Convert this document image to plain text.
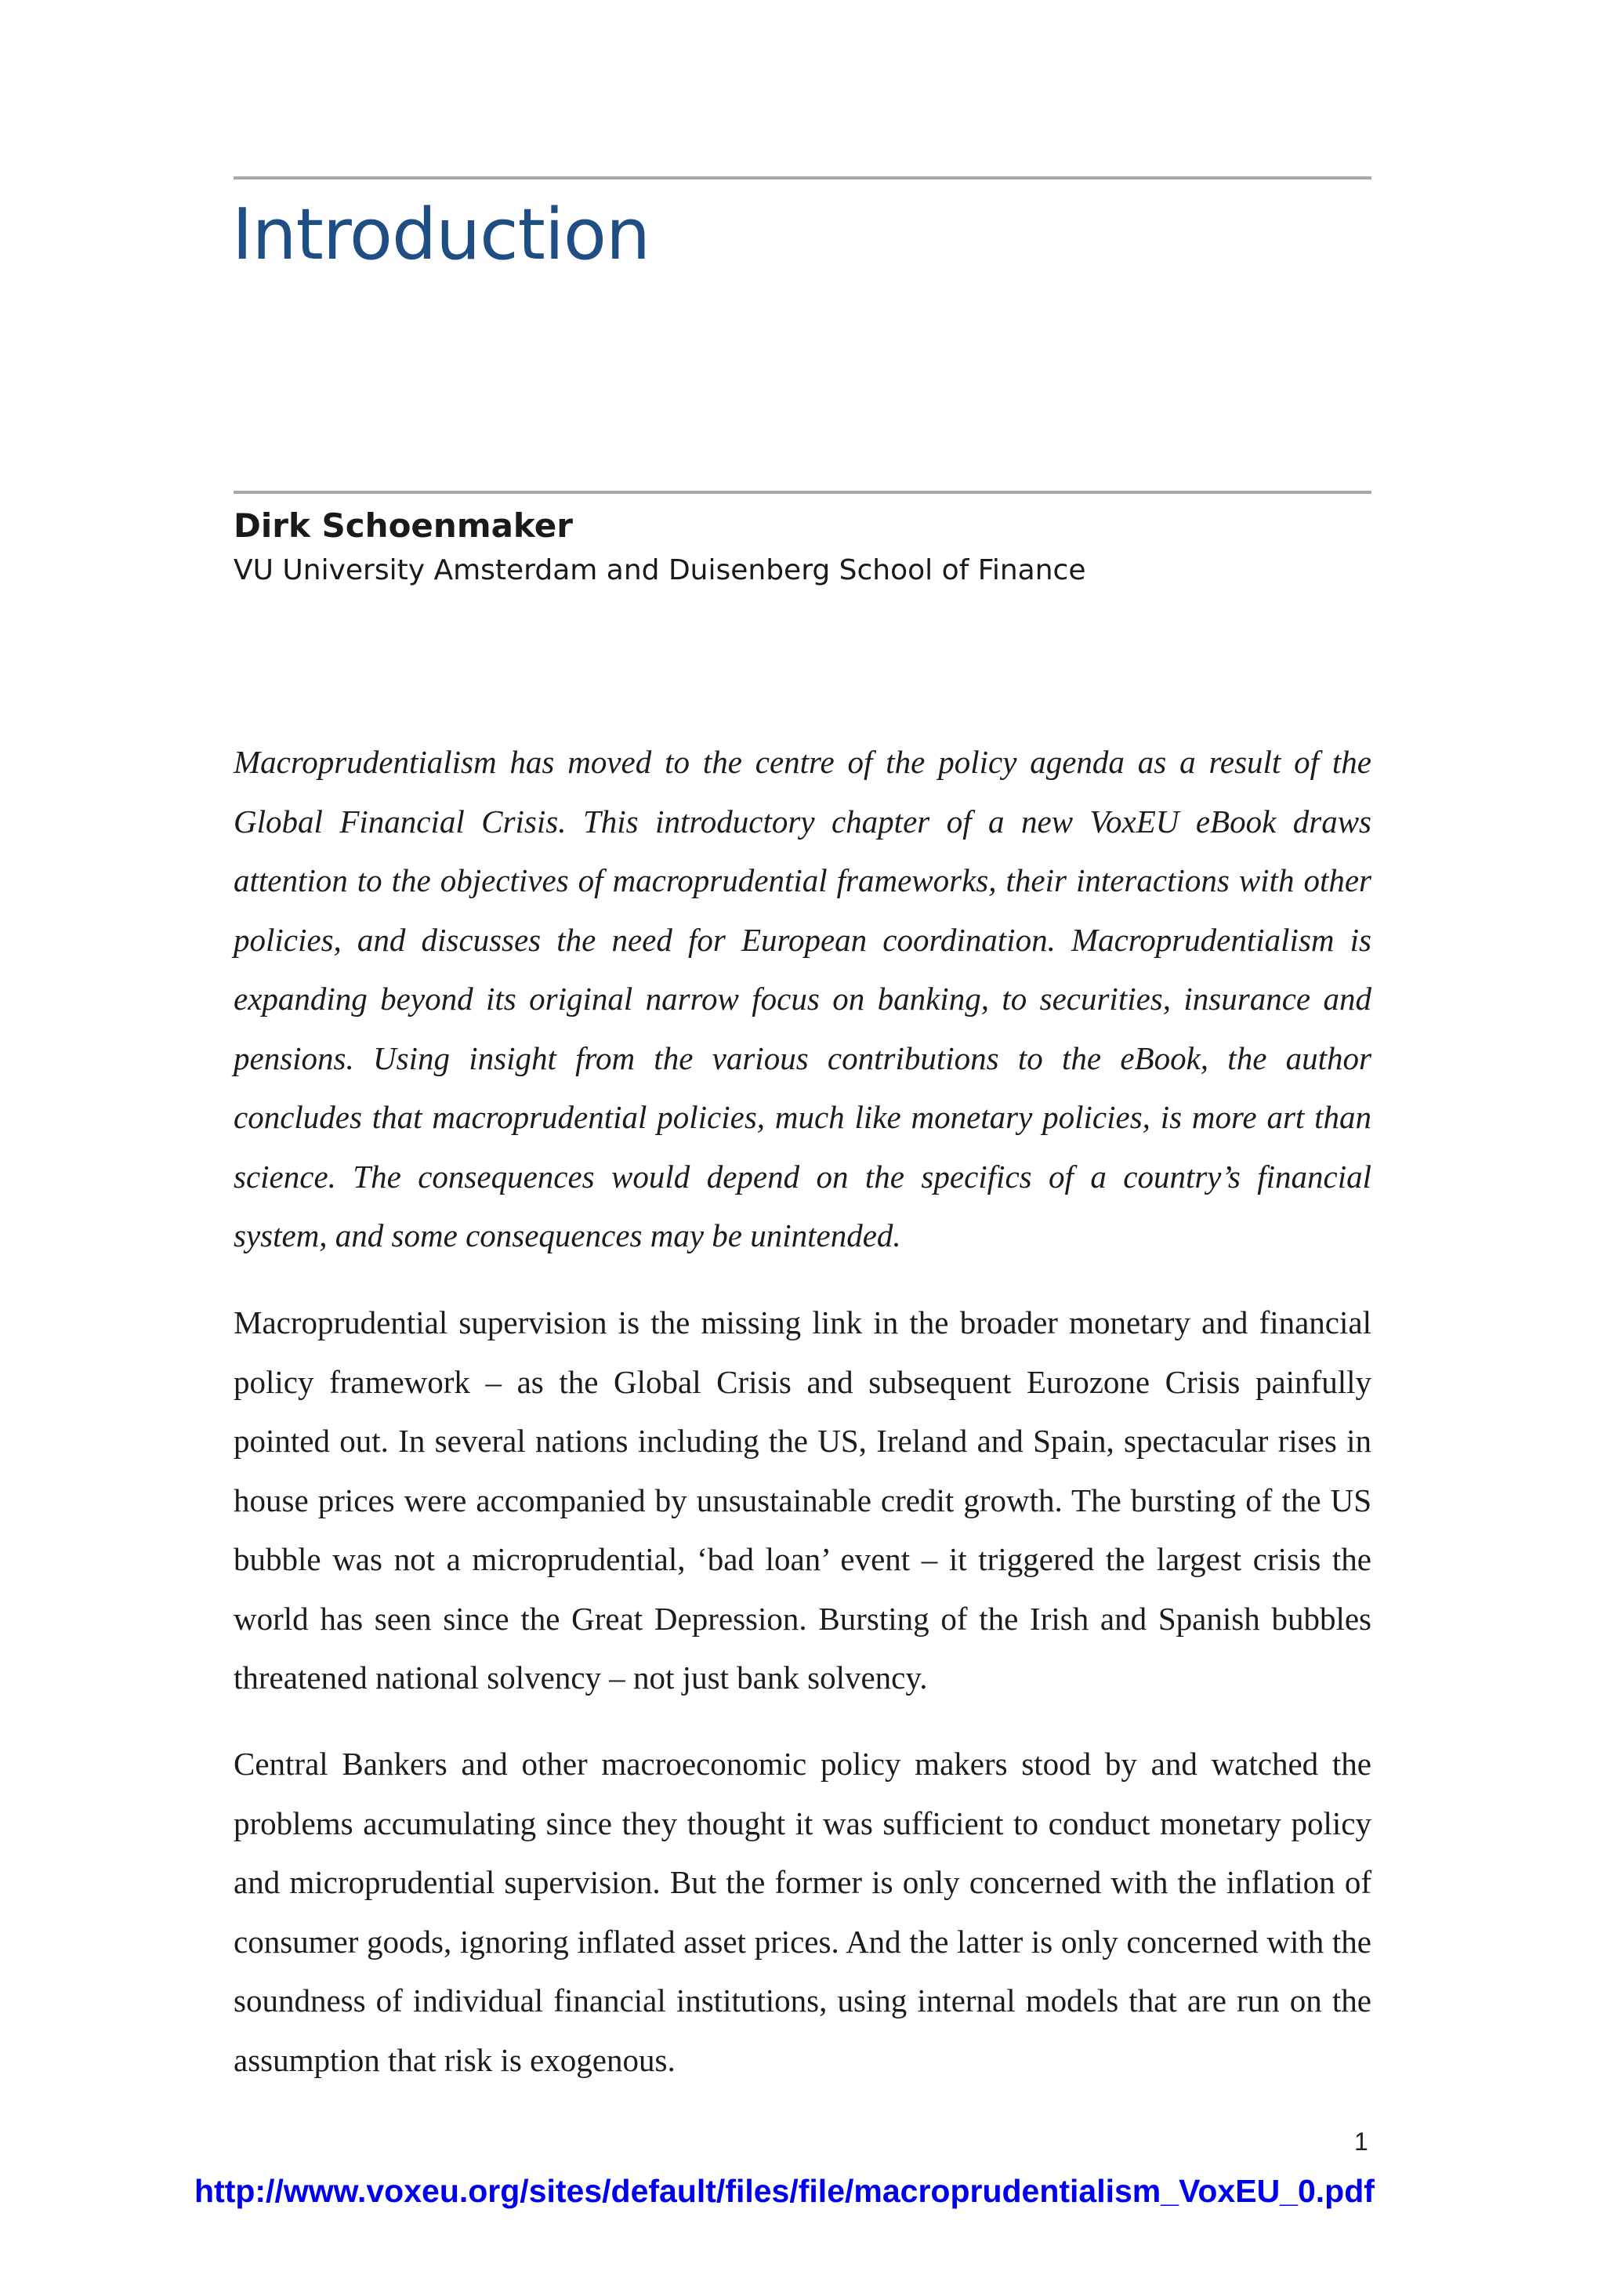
Introduction

Dirk Schoenmaker

VU University Amsterdam and Duisenberg School of Finance

Macroprudentialism has moved to the centre of the policy agenda as a result of the Global Financial Crisis. This introductory chapter of a new VoxEU eBook draws attention to the objectives of macroprudential frameworks, their interactions with other policies, and discusses the need for European coordination. Macroprudentialism is expanding beyond its original narrow focus on banking, to securities, insurance and pensions. Using insight from the various contributions to the eBook, the author concludes that macroprudential policies, much like monetary policies, is more art than science. The consequences would depend on the specifics of a country’s financial system, and some consequences may be unintended.

Macroprudential supervision is the missing link in the broader monetary and financial policy framework – as the Global Crisis and subsequent Eurozone Crisis painfully pointed out. In several nations including the US, Ireland and Spain, spectacular rises in house prices were accompanied by unsustainable credit growth. The bursting of the US bubble was not a microprudential, ‘bad loan’ event – it triggered the largest crisis the world has seen since the Great Depression. Bursting of the Irish and Spanish bubbles threatened national solvency – not just bank solvency.

Central Bankers and other macroeconomic policy makers stood by and watched the problems accumulating since they thought it was sufficient to conduct monetary policy and microprudential supervision. But the former is only concerned with the inflation of consumer goods, ignoring inflated asset prices. And the latter is only concerned with the soundness of individual financial institutions, using internal models that are run on the assumption that risk is exogenous.

1

http://www.voxeu.org/sites/default/files/file/macroprudentialism_VoxEU_0.pdf
